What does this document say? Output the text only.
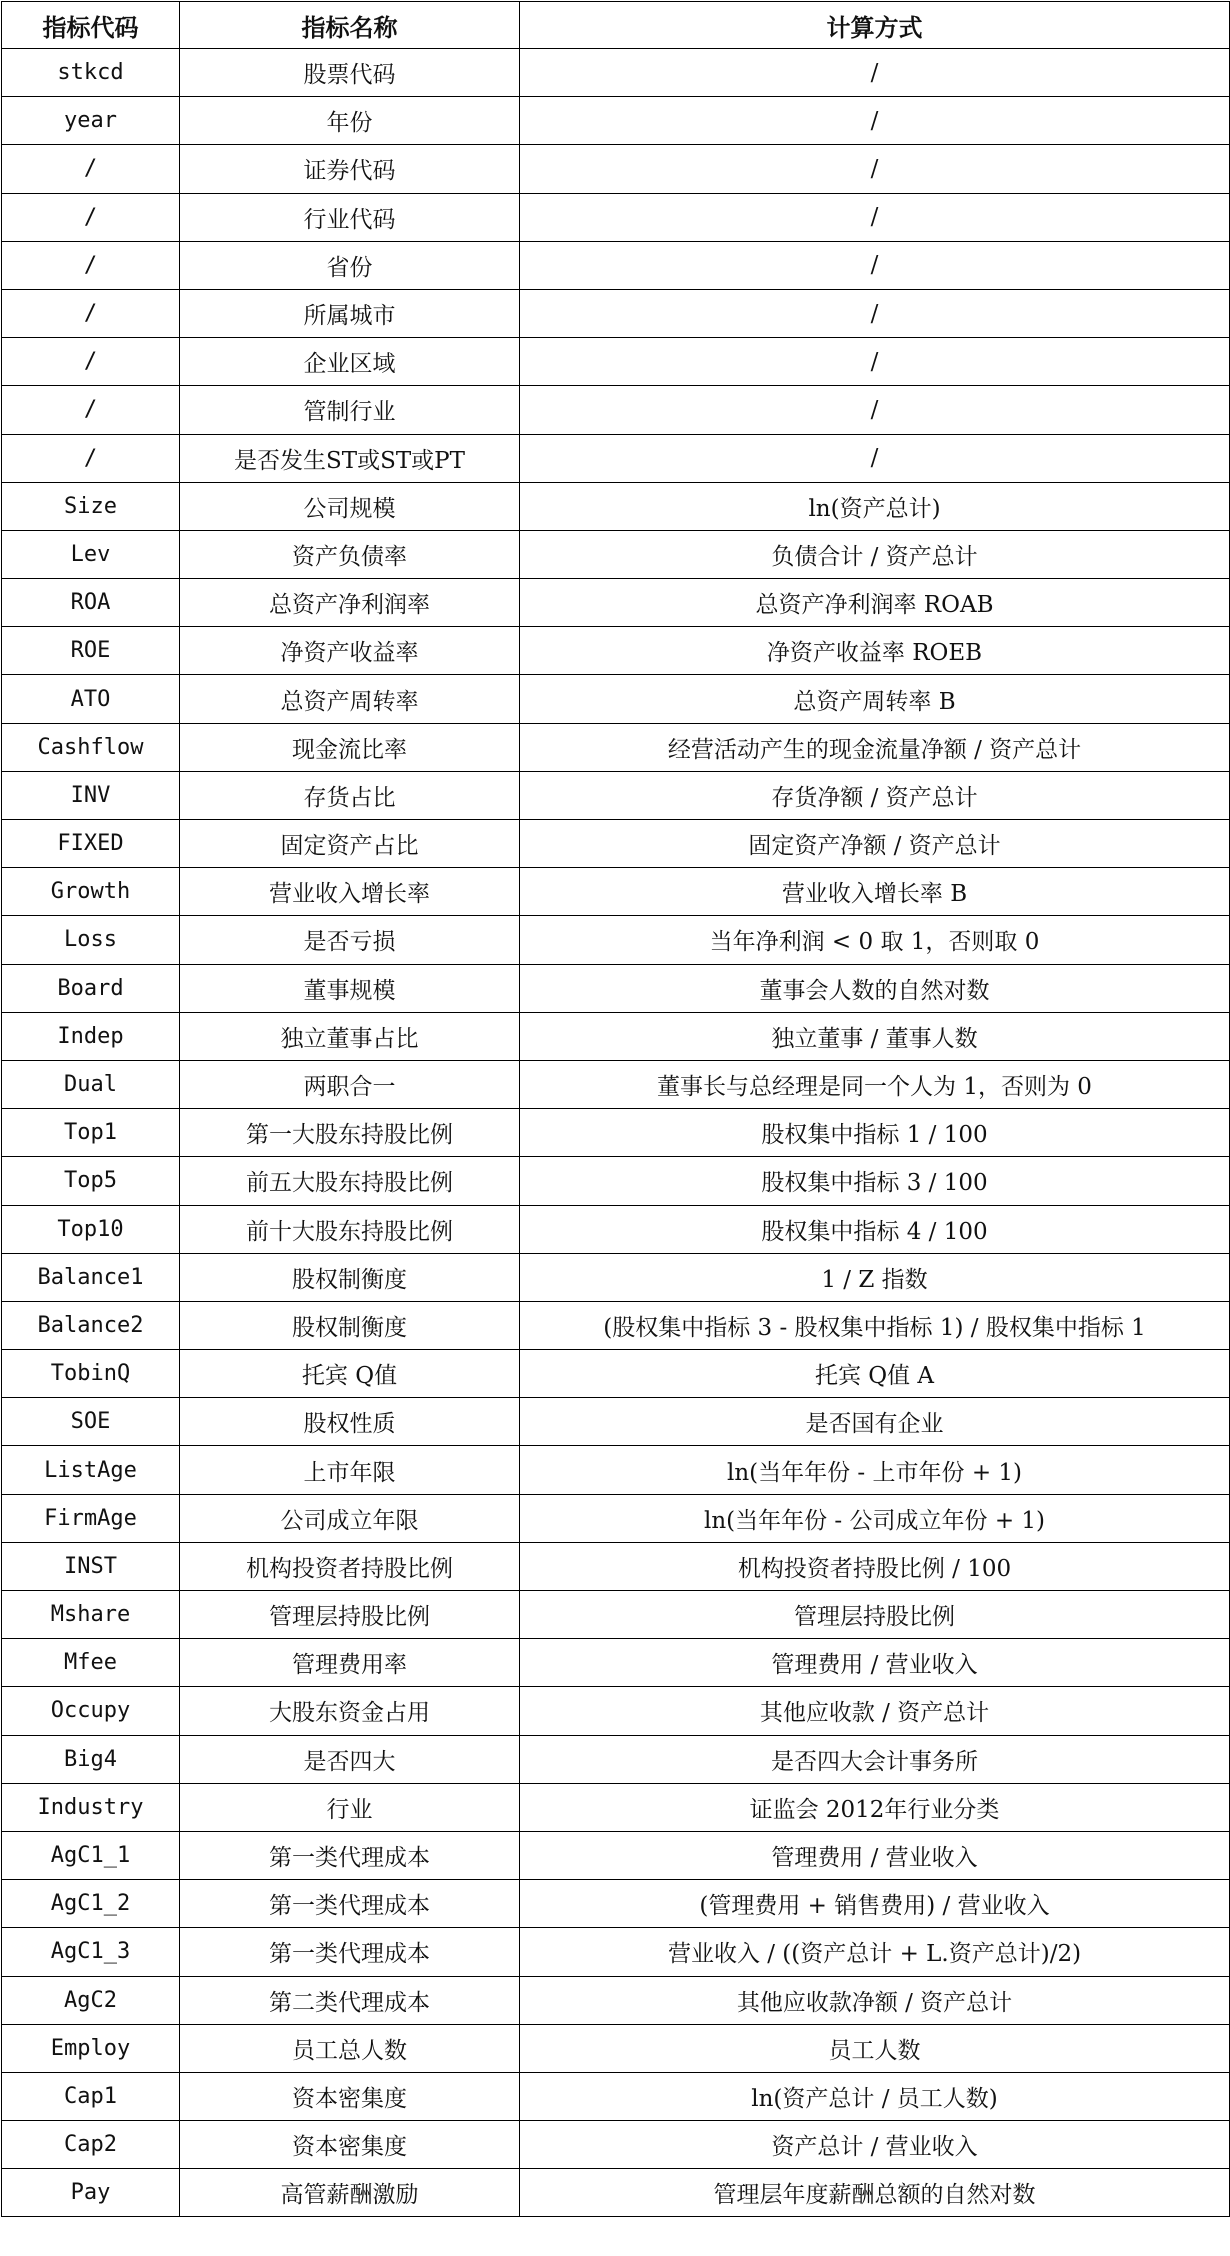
指标代码	指标名称	计算方式
stkcd	股票代码	/
year	年份	/
/	证券代码	/
/	行业代码	/
/	省份	/
/	所属城市	/
/	企业区域	/
/	管制行业	/
/	是否发生ST或ST或PT	/
Size	公司规模	ln(资产总计)
Lev	资产负债率	负债合计 / 资产总计
ROA	总资产净利润率	总资产净利润率 ROAB
ROE	净资产收益率	净资产收益率 ROEB
ATO	总资产周转率	总资产周转率 B
Cashflow	现金流比率	经营活动产生的现金流量净额 / 资产总计
INV	存货占比	存货净额 / 资产总计
FIXED	固定资产占比	固定资产净额 / 资产总计
Growth	营业收入增长率	营业收入增长率 B
Loss	是否亏损	当年净利润 < 0 取 1，否则取 0
Board	董事规模	董事会人数的自然对数
Indep	独立董事占比	独立董事 / 董事人数
Dual	两职合一	董事长与总经理是同一个人为 1，否则为 0
Top1	第一大股东持股比例	股权集中指标 1 / 100
Top5	前五大股东持股比例	股权集中指标 3 / 100
Top10	前十大股东持股比例	股权集中指标 4 / 100
Balance1	股权制衡度	1 / Z 指数
Balance2	股权制衡度	(股权集中指标 3 - 股权集中指标 1) / 股权集中指标 1
TobinQ	托宾 Q值	托宾 Q值 A
SOE	股权性质	是否国有企业
ListAge	上市年限	ln(当年年份 - 上市年份 + 1)
FirmAge	公司成立年限	ln(当年年份 - 公司成立年份 + 1)
INST	机构投资者持股比例	机构投资者持股比例 / 100
Mshare	管理层持股比例	管理层持股比例
Mfee	管理费用率	管理费用 / 营业收入
Occupy	大股东资金占用	其他应收款 / 资产总计
Big4	是否四大	是否四大会计事务所
Industry	行业	证监会 2012年行业分类
AgC1_1	第一类代理成本	管理费用 / 营业收入
AgC1_2	第一类代理成本	(管理费用 + 销售费用) / 营业收入
AgC1_3	第一类代理成本	营业收入 / ((资产总计 + L.资产总计)/2)
AgC2	第二类代理成本	其他应收款净额 / 资产总计
Employ	员工总人数	员工人数
Cap1	资本密集度	ln(资产总计 / 员工人数)
Cap2	资本密集度	资产总计 / 营业收入
Pay	高管薪酬激励	管理层年度薪酬总额的自然对数
